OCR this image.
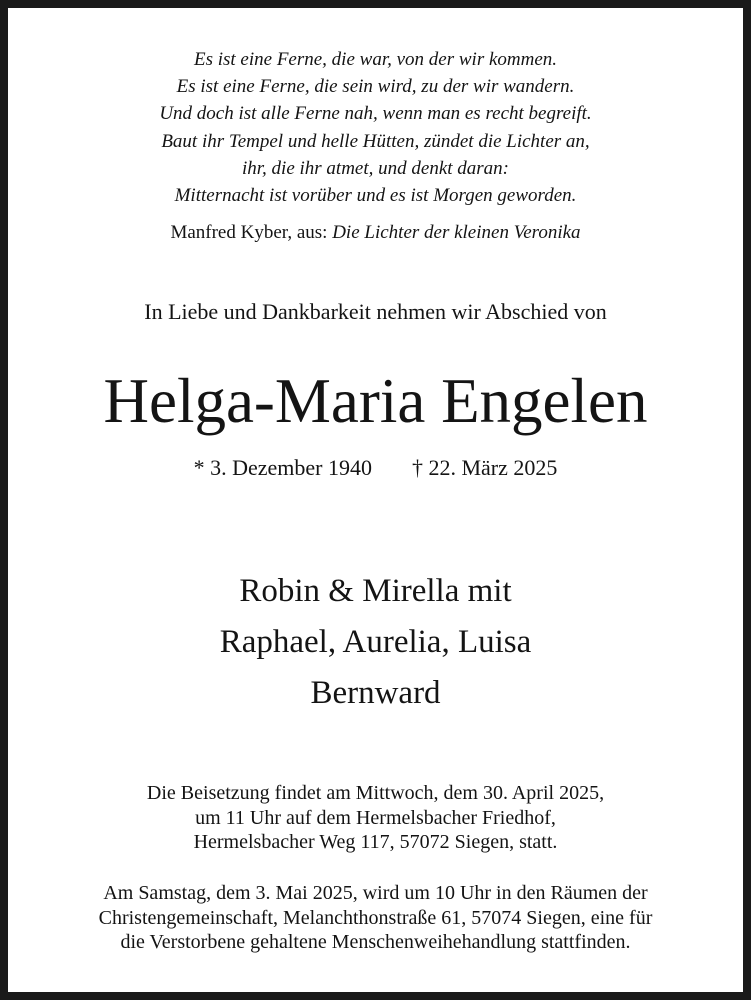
Es ist eine Ferne, die war, von der wir kommen.
Es ist eine Ferne, die sein wird, zu der wir wandern.
Und doch ist alle Ferne nah, wenn man es recht begreift.
Baut ihr Tempel und helle Hütten, zündet die Lichter an,
ihr, die ihr atmet, und denkt daran:
Mitternacht ist vorüber und es ist Morgen geworden.
Manfred Kyber, aus: Die Lichter der kleinen Veronika
In Liebe und Dankbarkeit nehmen wir Abschied von
Helga-Maria Engelen
* 3. Dezember 1940 † 22. März 2025
Robin & Mirella mit
Raphael, Aurelia, Luisa
Bernward
Die Beisetzung findet am Mittwoch, dem 30. April 2025,
um 11 Uhr auf dem Hermelsbacher Friedhof,
Hermelsbacher Weg 117, 57072 Siegen, statt.
Am Samstag, dem 3. Mai 2025, wird um 10 Uhr in den Räumen der
Christengemeinschaft, Melanchthonstraße 61, 57074 Siegen, eine für
die Verstorbene gehaltene Menschenweihehandlung stattfinden.
